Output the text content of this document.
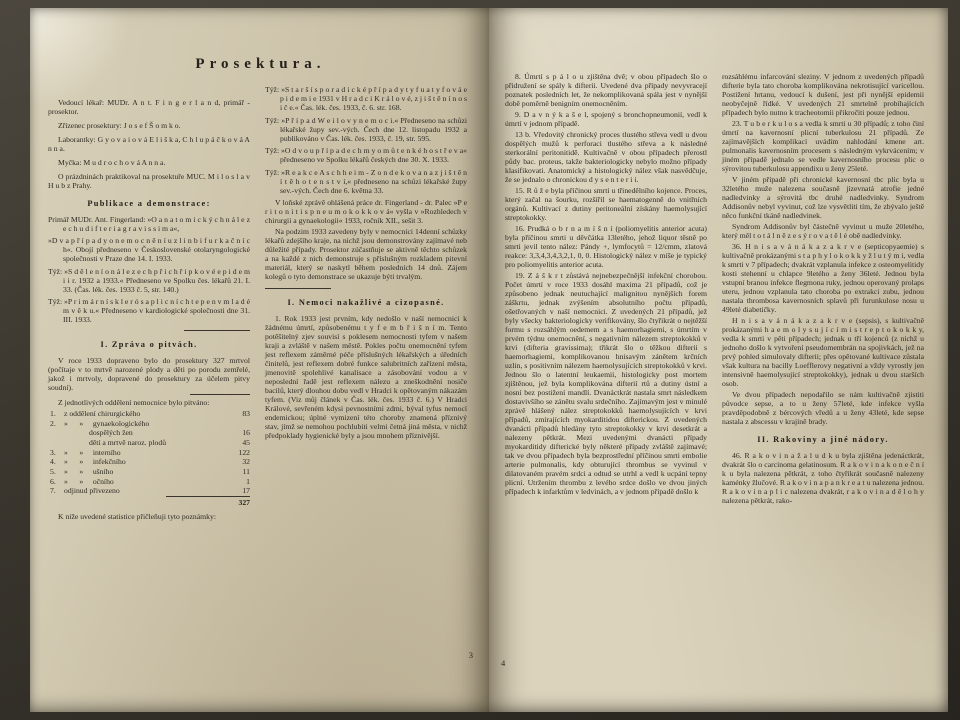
Prosektura.

Vedoucí lékař: MUDr. A n t. F i n g e r l a n d, primář - prosektor.

Zřízenec prosektury: J o s e f Š o m k o.

Laborantky: G y o v a i o v á E l i š k a, C h l u p á č k o v á A n n a.

Myčka: M u d r o c h o v á A n n a.

O prázdninách praktikoval na prosektuře MUC. M i l o s l a v H u b z Prahy.

Publikace a demonstrace:

Primář MUDr. Ant. Fingerland: »O a n a t o m i c k ý c h n á l e z e c h u d i f t e r i a g r a v i s s i m a«,

»D v a p ř í p a d y o n e m o c n ě n í u z l i n b i f u r k a č n í c h«. Obojí předneseno v Československé otolaryngologické společnosti v Praze dne 14. I. 1933.

Týž: »S d ě l e n í o n á l e z e c h p ř i c h ř i p k o v é e p i d e m i i r. 1932 a 1933.« Předneseno ve Spolku čes. lékařů 21. I. 33. (Čas. lék. čes. 1933 č. 5, str. 140.)

Týž: »P r i m á r n í s k l e r ó s a p l i c n í c h t e p e n v m l a d é m v ě k u.« Předneseno v kardiologické společnosti dne 31. III. 1933.

I. Zpráva o pitvách.

V roce 1933 dopraveno bylo do prosektury 327 mrtvol (počítaje v to mrtvě narozené plody a děti po porodu zemřelé, jakož i mrtvoly, dopravené do prosektury za účelem pitvy soudní).

Z jednotlivých oddělení nemocnice bylo pitváno:

1.	z oddělení chirurgického	83
2.	»      »     gynaekologického
dospělých žen	16
dětí a mrtvě naroz. plodů	45
3.	»      »     interního	122
4.	»      »     infekčního	32
5.	»      »     ušního	11
6.	»      »     očního	1
7.	odjinud přivezeno	17
327

K níže uvedené statistice přičleňuji tyto poznámky:

Týž: »S t a r š í s p o r a d i c k é p ř í p a d y t y f u a t y f o v á e p i d e m i e 1931 v H r a d c i K r á l o v é, z j i š t ě n í n o s i č e.« Čas. lék. čes. 1933, č. 6. str. 168.

Týž: »P ř í p a d W e i l o v y n e m o c i.« Předneseno na schůzi lékařské župy sev.-vých. Čech dne 12. listopadu 1932 a publikováno v Čas. lék. čes. 1933, č. 19, str. 595.

Týž: »O d v o u p ř í p a d e c h m y o m ů t e n k é h o s t ř e v a« předneseno ve Spolku lékařů českých dne 30. X. 1933.

Týž: »R e a k c e A s c h h e i m - Z o n d e k o v a n a z j i š t ě n í t ě h o t e n s t v í,« předneseno na schůzi lékařské župy sev.-vých. Čech dne 6. května 33.

V loňské zprávě ohlášená práce dr. Fingerland - dr. Palec »P e r i t o n i t i s p n e u m o k o k k o v á« vyšla v »Rozhledech v chirurgii a gynaekologii« 1933, ročník XII., sešit 3.

Na podzim 1933 zavedeny byly v nemocnici 14denní schůzky lékařů zdejšího kraje, na nichž jsou demonstrovány zajímavé neb důležité případy. Prosektor zúčastňuje se aktivně těchto schůzek a na každé z nich demonstruje s příslušným rozkladem pitevní materiál, který se naskytl během posledních 14 dnů. Zájem kolegů o tyto demonstrace se ukazuje býti trvalým.

I. Nemoci nakažlivé a cizopasné.

1. Rok 1933 jest prvním, kdy nedošlo v naší nemocnici k žádnému úmrtí, způsobenému t y f e m b ř i š n í m. Tento potěšitelný zjev souvisí s poklesem nemocnosti tyfem v našem kraji a zvláště v našem městě. Pokles počtu onemocnění tyfem jest reflexem záměrné péče příslušných lékařských a úředních činitelů, jest reflexem dobré funkce salubritních zařízení města, jmenovitě spolehlivé kanalisace a zásobování vodou a v neposlední řadě jest reflexem nálezu a zneškodnění nosiče bacilů, který dlouhou dobu vedl v Hradci k opětovaným nákazám tyfem. (Viz můj článek v Čas. lék. čes. 1933 č. 6.) V Hradci Králové, sevřeném kdysi pevnostními zdmi, býval tyfus nemocí endemickou; úplné vymizení této choroby znamená příznivý stav, jímž se nemohou pochlubiti velmi četná jiná města, v nichž předpoklady hygienické byly a jsou mnohem příznivější.

3

8. Úmrtí s p á l o u zjištěna dvě; v obou případech šlo o přidružení se spály k difterii. Uvedené dva případy nevyvracejí poznatek posledních let, že nekomplikovaná spála jest v nynější době poměrně benigním onemocněním.

9. D a v n ý k a š e l, spojený s bronchopneumonií, vedl k úmrtí v jednom případě.

13 b. Vředovitý chronický proces tlustého střeva vedl u dvou dospělých mužů k perforaci tlustého střeva a k následné sterkorální peritonitidě. Kultivačně v obou případech přerostl půdy bac. proteus, takže bakteriologicky nebylo možno případy klasifikovati. Anatomický a histologický nález však nasvědčuje, že se jednalo o chronickou d y s e n t e r i i.

15. R ů ž e byla příčinou smrti u třinedělního kojence. Proces, který začal na šourku, rozšířil se haematogenně do vnitřních orgánů. Kultivací z dutiny peritoneální získány haemolysující streptokokky.

16. Prudká o b r n a m í š n í (poliomyelitis anterior acuta) byla příčinou smrti u děvčátka 13letého, jehož liquor těsně po smrti jevil tento nález: Pándy +, lymfocytů = 12/cmm, zlatová reakce: 3,3,4,3,4,3,2,1, 0, 0. Histologický nález v míše je typický pro poliomyelitis anterior acuta.

19. Z á š k r t zůstává nejnebezpečnější infekční chorobou. Počet úmrtí v roce 1933 dosáhl maxima 21 případů, což je způsobeno jednak neutuchající malignitou nynějších forem záškrtu, jednak zvýšením absolutního počtu případů, ošetřovaných v naší nemocnici. Z uvedených 21 případů, jež byly všecky bakteriologicky verifikovány, šlo čtyřikrát o nejtěžší formu s rozsáhlým oedemem a s haemorhagiemi, s úmrtím v prvém týdnu onemocnění, s negativním nálezem streptokokků v krvi (difteria gravissima); třikrát šlo o těžkou difterii s haemorhagiemi, komplikovanou hnisavým zánětem krčních uzlin, s positivním nálezem haemolysujících streptokokků v krvi. Jednou šlo o latentní leukaemii, histologicky post mortem zjištěnou, jež byla komplikována difterií rtů a dutiny ústní a nosní bez postižení mandlí. Dvanáctkrát nastala smrt následkem dostavivšího se zánětu svalu srdečního. Zajímavým jest v minulé zprávě hlášený nález streptokokků haemolysujících v krvi případů, zmírajících myokarditidou difterickou. Z uvedených dvanácti případů hledány tyto streptokokky v krvi desetkrát a nalezeny pětkrát. Mezi uvedenými dvanácti případy myokarditidy difterické byly některé případy zvláště zajímavé; tak ve dvou případech byla bezprostřední příčinou smrti embolie arterie pulmonalis, kdy obturující thrombus se vyvinul v dilatovaném pravém srdci a odtud se utrhl a vedl k ucpání tepny plicní. Utržením thrombu z levého srdce došlo ve dvou jiných případech k infarktům v ledvinách, a v jednom případě došlo k

rozsáhlému infarcování sleziny. V jednom z uvedených případů difterie byla tato choroba komplikována nekrotisující varicellou. Postižení hrtanu, vedoucí k dušení, jest při nynější epidemii neobyčejně řídké. V uvedených 21 smrtelně probíhajících případech bylo nutno k tracheotomii přikročiti pouze jednou.

23. T u b e r k u l o s a vedla k smrti u 30 případů; z toho činí úmrtí na kavernosní plicní tuberkulosu 21 případů. Ze zajímavějších komplikací uvádím nahlodání kmene art. pulmonalis kavernosním procesem s následným vykrvácením; v jiném případě jednalo se vedle kavernosního procesu plic o sýrovitou tuberkulosu appendixu u ženy 25leté.

V jiném případě při chronické kavernosní tbc plic byla u 32letého muže nalezena současně jízevnatá atrofie jedné nadledvinky a sýrovitá tbc druhé nadledvinky. Syndrom Addisonův nebyl vyvinut, což lze vysvětliti tím, že zbývalo ještě něco funkční tkáně nadledvinek.

Syndrom Addisonův byl částečně vyvinut u muže 20letého, který měl t o t á l n ě z e s ý r o v a t ě l é obě nadledvinky.

36. H n i s a v á n á k a z a k r v e (septicopyaemie) s kultivačně prokázanými s t a p h y l o k o k k y ž l u t ý m i, vedla k smrti v 7 případech; dvakrát vzplanula infekce z osteomyelitidy kosti stehenní u chlapce 9letého a ženy 36leté. Jednou byla vstupní branou infekce flegmona ruky, jednou operovaný prolaps uteru, jednou vzplanula tato choroba po extrakci zubu, jednou nastala thrombosa kavernosních splavů při furunkulose nosu u 49leté diabetičky.

H n i s a v á n á k a z a k r v e (sepsis), s kultivačně prokázanými h a e m o l y s u j í c í m i s t r e p t o k o k k y, vedla k smrti v pěti případech; jednak u tří kojenců (z nichž u jednoho došlo k vytvoření pseudomembrán na spojivkách, jež na prvý pohled simulovaly difterii; přes opětované kultivace zůstala však kultura na bacilly Loefflerovy negativní a vždy vyrostly jen intensivně haemolysující streptokokky), jednak u dvou starších osob.

Ve dvou případech nepodařilo se nám kultivačně zjistiti původce sepse, a to u ženy 57leté, kde infekce vyšla pravděpodobně z bércových vředů a u ženy 43leté, kde sepse nastala z abscessu v krajině brady.

II. Rakoviny a jiné nádory.

46. R a k o v i n a ž a l u d k u byla zjištěna jedenáctkrát, dvakrát šlo o carcinoma gelatinosum. R a k o v i n a k o n e č n í k u byla nalezena pětkrát, z toho čtyřikrát současně nalezeny kaménky žlučové. R a k o v i n a p a n k r e a t u nalezena jednou. R a k o v i n a p l i c nalezena dvakrát, r a k o v i n a d ě l o h y nalezena pětkrát, rako-

4
